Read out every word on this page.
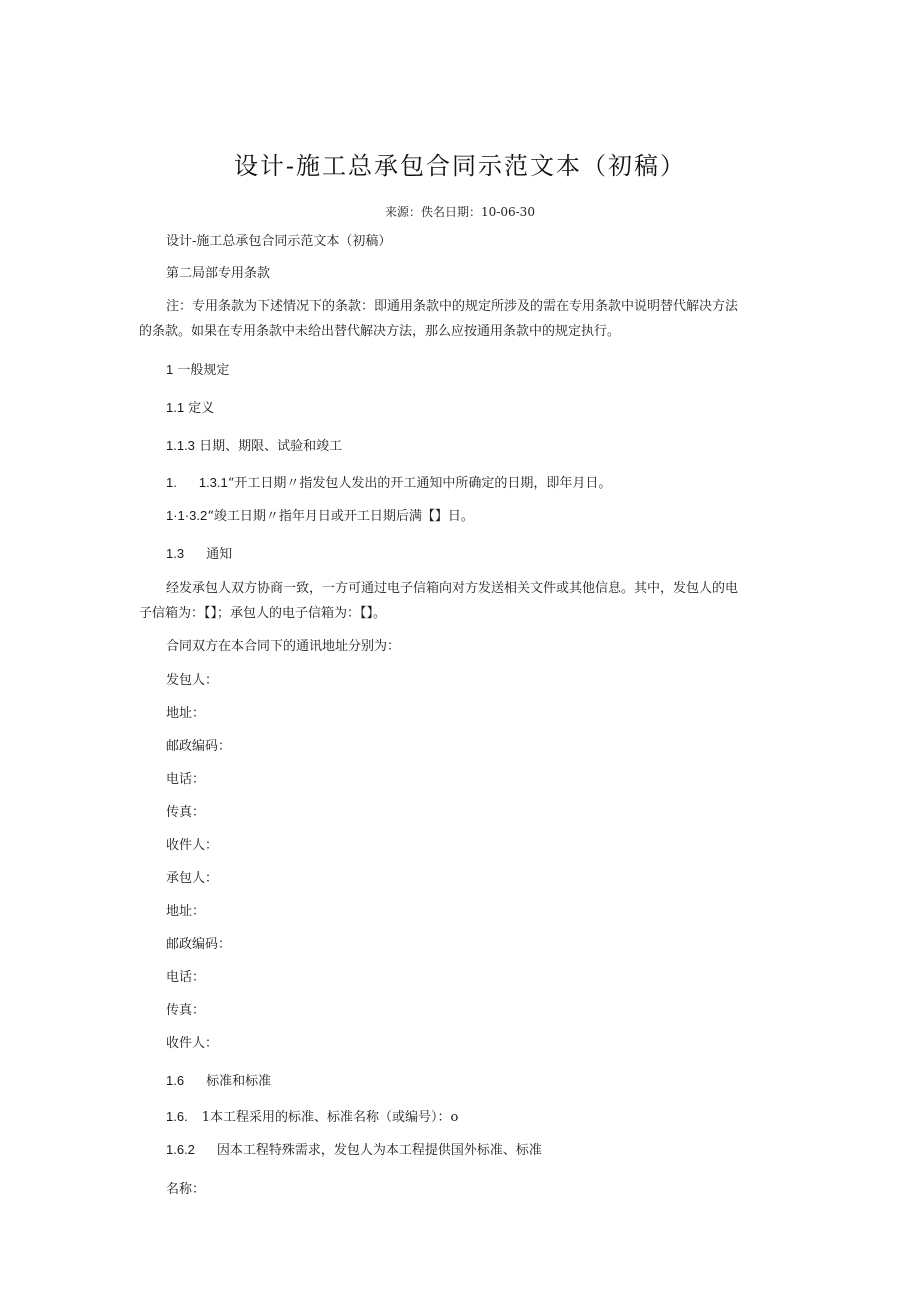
设计-施工总承包合同示范文本（初稿）
来源：佚名日期：10-06-30
设计-施工总承包合同示范文本（初稿）
第二局部专用条款
注：专用条款为下述情况下的条款：即通用条款中的规定所涉及的需在专用条款中说明替代解决方法
的条款。如果在专用条款中未给出替代解决方法，那么应按通用条款中的规定执行。
1 一般规定
1.1 定义
1.1.3 日期、期限、试验和竣工
1. 1.3.1“开工日期〃指发包人发出的开工通知中所确定的日期，即年月日。
1·1·3.2“竣工日期〃指年月日或开工日期后满【】日。
1.3 通知
经发承包人双方协商一致，一方可通过电子信箱向对方发送相关文件或其他信息。其中，发包人的电
子信箱为：【】；承包人的电子信箱为：【】。
合同双方在本合同下的通讯地址分别为：
发包人：
地址：
邮政编码：
电话：
传真：
收件人：
承包人：
地址：
邮政编码：
电话：
传真：
收件人：
1.6 标准和标准
1.6. 1本工程采用的标准、标准名称（或编号）：o
1.6.2 因本工程特殊需求，发包人为本工程提供国外标准、标准
名称：
